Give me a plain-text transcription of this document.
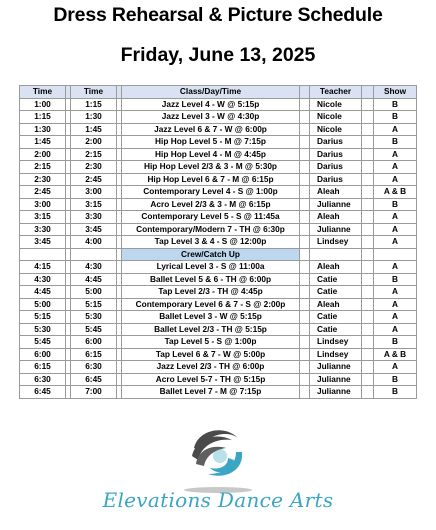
Dress Rehearsal & Picture Schedule
Friday, June 13, 2025
Time		Time		Class/Day/Time		Teacher		Show
1:00		1:15		Jazz Level 4 - W @ 5:15p		Nicole		B
1:15		1:30		Jazz Level 3 - W @ 4:30p		Nicole		B
1:30		1:45		Jazz Level 6 & 7 - W @ 6:00p		Nicole		A
1:45		2:00		Hip Hop Level 5 - M @ 7:15p		Darius		B
2:00		2:15		Hip Hop Level 4 - M @ 4:45p		Darius		A
2:15		2:30		Hip Hop Level 2/3 & 3 - M @ 5:30p		Darius		A
2:30		2:45		Hip Hop Level 6 & 7 - M @ 6:15p		Darius		A
2:45		3:00		Contemporary Level 4 - S @ 1:00p		Aleah		A & B
3:00		3:15		Acro Level 2/3 & 3 - M @ 6:15p		Julianne		B
3:15		3:30		Contemporary Level 5 - S @ 11:45a		Aleah		A
3:30		3:45		Contemporary/Modern 7 - TH @ 6:30p		Julianne		A
3:45		4:00		Tap Level 3 & 4 - S @ 12:00p		Lindsey		A
				Crew/Catch Up				
4:15		4:30		Lyrical Level 3 - S @ 11:00a		Aleah		A
4:30		4:45		Ballet Level 5 & 6 - TH @ 6:00p		Catie		B
4:45		5:00		Tap Level 2/3 - TH @ 4:45p		Catie		A
5:00		5:15		Contemporary Level 6 & 7 - S @ 2:00p		Aleah		A
5:15		5:30		Ballet Level 3 - W @ 5:15p		Catie		A
5:30		5:45		Ballet Level 2/3 - TH @ 5:15p		Catie		A
5:45		6:00		Tap Level 5 - S @ 1:00p		Lindsey		B
6:00		6:15		Tap Level 6 & 7 - W @ 5:00p		Lindsey		A & B
6:15		6:30		Jazz Level 2/3 - TH @ 6:00p		Julianne		A
6:30		6:45		Acro Level 5-7 - TH @ 5:15p		Julianne		B
6:45		7:00		Ballet Level 7 - M @ 7:15p		Julianne		B
Elevations Dance Arts
